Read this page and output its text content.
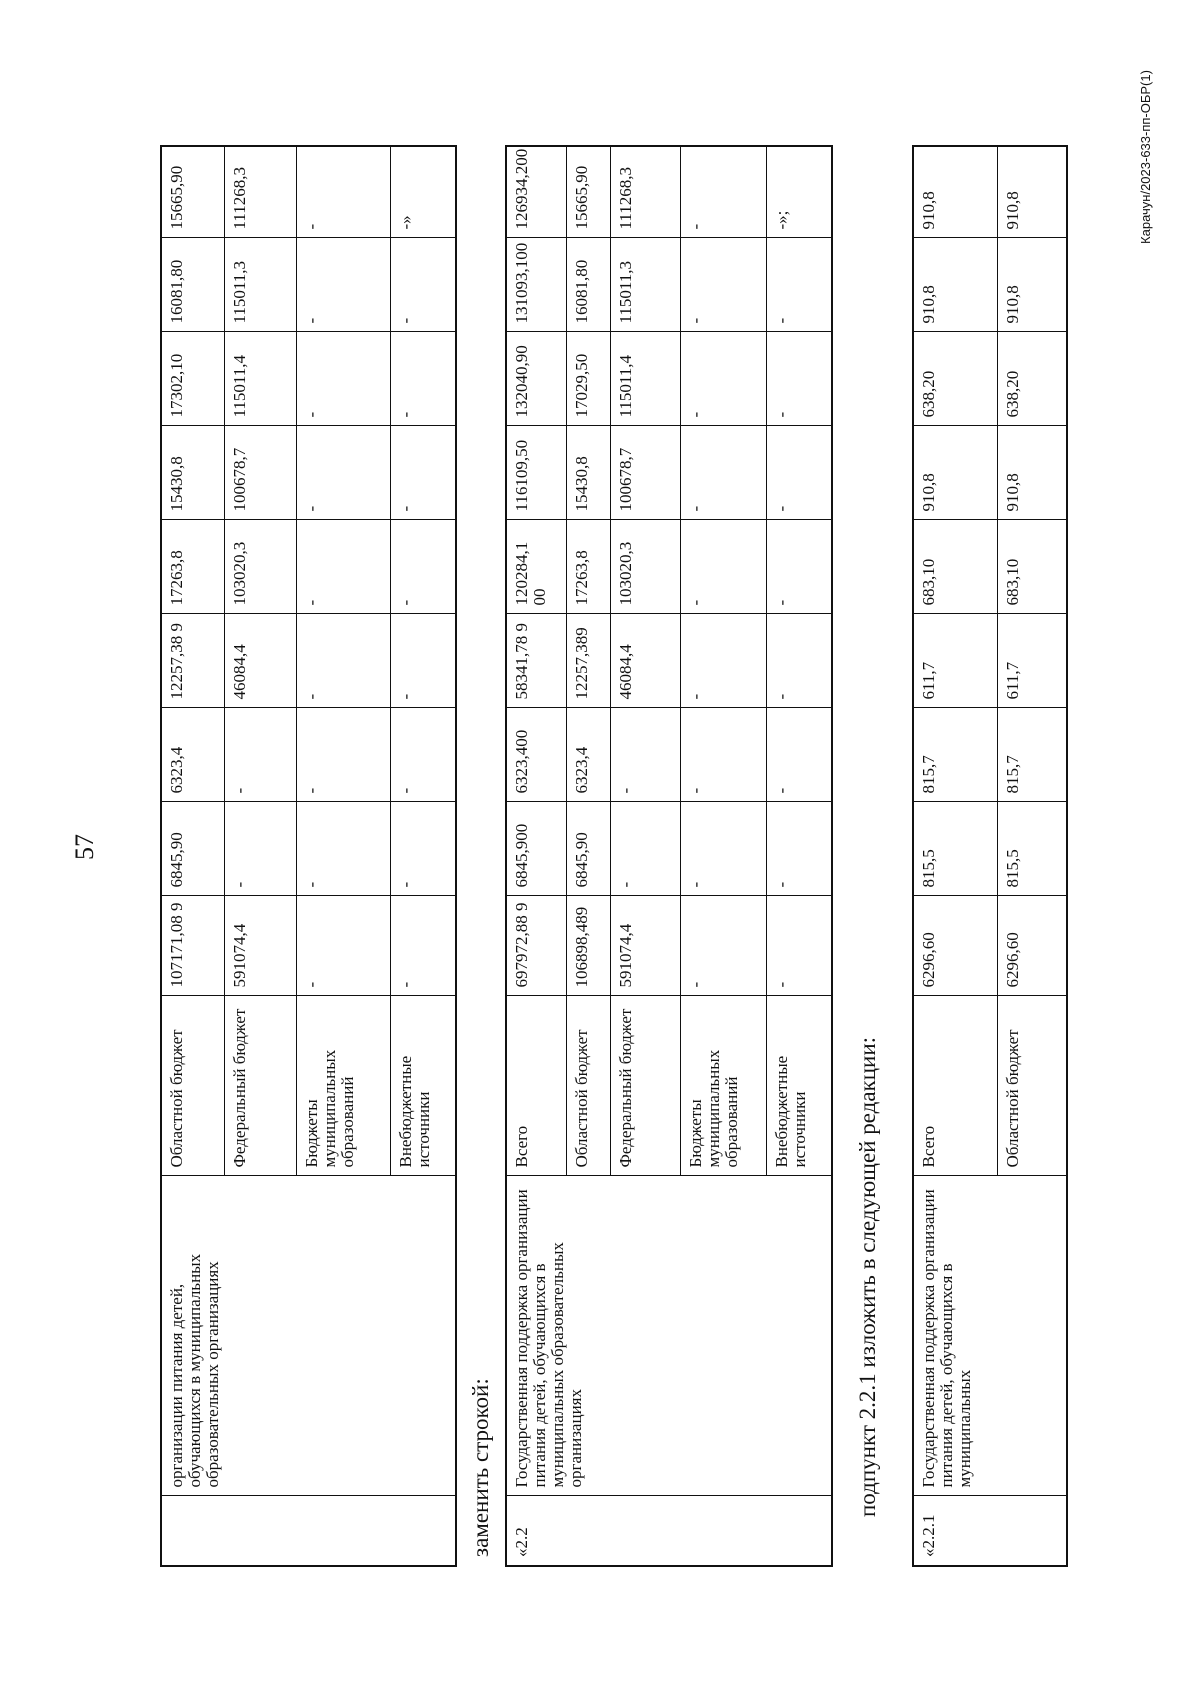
57
	организации питания детей, обучающихся в муниципальных образовательных организациях	Областной бюджет	107171,08 9	6845,90	6323,4	12257,38 9	17263,8	15430,8	17302,10	16081,80	15665,90
		Федеральный бюджет	591074,4	-	-	46084,4	103020,3	100678,7	115011,4	115011,3	111268,3
		Бюджеты муниципальных образований	-	-	-	-	-	-	-	-	-
		Внебюджетные источники	-	-	-	-	-	-	-	-	-»
заменить строкой: «2.2	Государственная поддержка организации питания детей, обучающихся в муниципальных образовательных организациях	Всего	697972,88 9	6845,900	6323,400	58341,78 9	120284,1 00	116109,50	132040,90	131093,100	126934,200
		Областной бюджет	106898,489	6845,90	6323,4	12257,389	17263,8	15430,8	17029,50	16081,80	15665,90
		Федеральный бюджет	591074,4	-	-	46084,4	103020,3	100678,7	115011,4	115011,3	111268,3
		Бюджеты муниципальных образований	-	-	-	-	-	-	-	-	-
		Внебюджетные источники	-	-	-	-	-	-	-	-	-»;
подпункт 2.2.1 изложить в следующей редакции:
«2.2.1	Государственная поддержка организации питания детей, обучающихся в муниципальных	Всего	6296,60	815,5	815,7	611,7	683,10	910,8	638,20	910,8	910,8
		Областной бюджет	6296,60	815,5	815,7	611,7	683,10	910,8	638,20	910,8	910,8	Карачун/2023-633-пп-ОБР(1)
